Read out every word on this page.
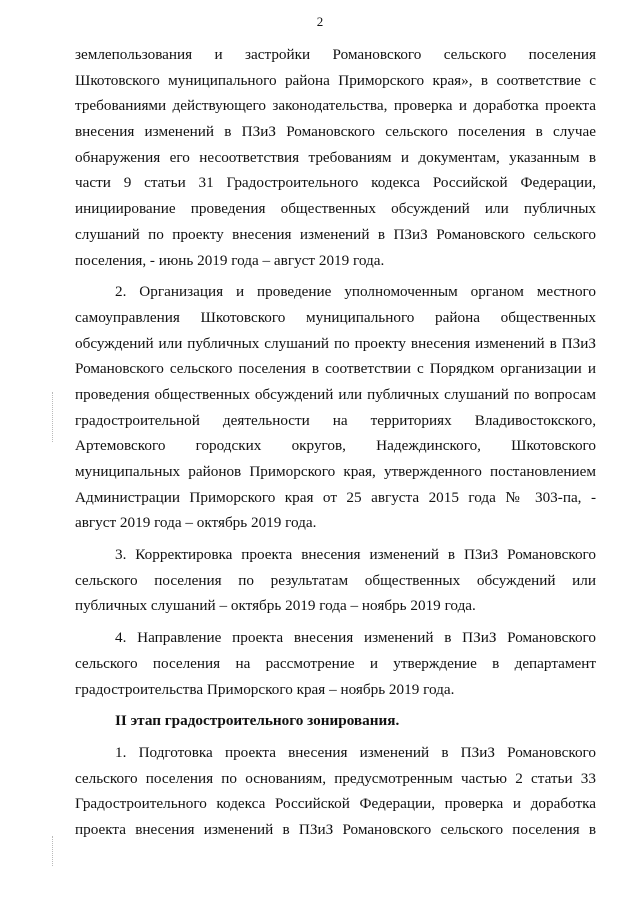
2
землепользования и застройки Романовского сельского поселения
Шкотовского муниципального района Приморского края», в соответствие с
требованиями действующего законодательства, проверка и доработка проекта
внесения изменений в ПЗиЗ Романовского сельского поселения в случае
обнаружения его несоответствия требованиям и документам, указанным в
части 9 статьи 31 Градостроительного кодекса Российской Федерации,
инициирование проведения общественных обсуждений или публичных
слушаний по проекту внесения изменений в ПЗиЗ Романовского сельского
поселения, - июнь 2019 года – август 2019 года.
2. Организация и проведение уполномоченным органом местного
самоуправления Шкотовского муниципального района общественных
обсуждений или публичных слушаний по проекту внесения изменений в ПЗиЗ
Романовского сельского поселения в соответствии с Порядком организации и
проведения общественных обсуждений или публичных слушаний по вопросам
градостроительной деятельности на территориях Владивостокского,
Артемовского городских округов, Надеждинского, Шкотовского
муниципальных районов Приморского края, утвержденного постановлением
Администрации Приморского края от 25 августа 2015 года № 303-па, -
август 2019 года – октябрь 2019 года.
3. Корректировка проекта внесения изменений в ПЗиЗ Романовского
сельского поселения по результатам общественных обсуждений или
публичных слушаний – октябрь 2019 года – ноябрь 2019 года.
4. Направление проекта внесения изменений в ПЗиЗ Романовского
сельского поселения на рассмотрение и утверждение в департамент
градостроительства Приморского края – ноябрь 2019 года.
II этап градостроительного зонирования.
1. Подготовка проекта внесения изменений в ПЗиЗ Романовского
сельского поселения по основаниям, предусмотренным частью 2 статьи 33
Градостроительного кодекса Российской Федерации, проверка и доработка
проекта внесения изменений в ПЗиЗ Романовского сельского поселения в
